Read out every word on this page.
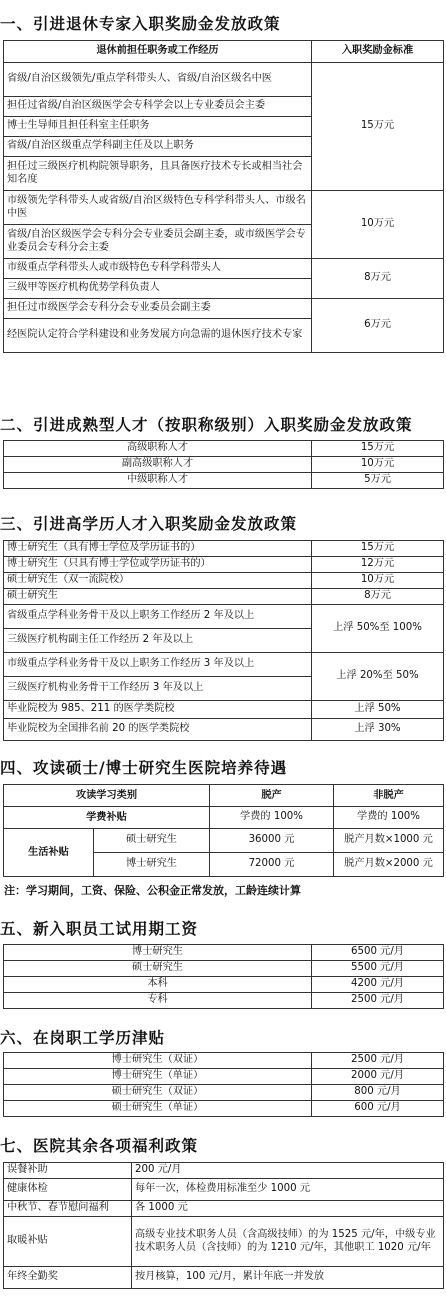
一、引进退休专家入职奖励金发放政策
退休前担任职务或工作经历	入职奖励金标准
省级/自治区级领先/重点学科带头人、省级/自治区级名中医	15万元
担任过省级/自治区级医学会专科学会以上专业委员会主委	
博士生导师且担任科室主任职务	
省级/自治区级重点学科副主任及以上职务	
担任过三级医疗机构院领导职务，且具备医疗技术专长或相当社会知名度	
市级领先学科带头人或省级/自治区级特色专科学科带头人、市级名中医	10万元
省级/自治区级医学会专科分会专业委员会副主委，或市级医学会专业委员会专科分会主委	
市级重点学科带头人或市级特色专科学科带头人	8万元
三级甲等医疗机构优势学科负责人	
担任过市级医学会专科分会专业委员会副主委	6万元
经医院认定符合学科建设和业务发展方向急需的退休医疗技术专家	
二、引进成熟型人才（按职称级别）入职奖励金发放政策
高级职称人才	15万元
副高级职称人才	10万元
中级职称人才	5万元
三、引进高学历人才入职奖励金发放政策
博士研究生（具有博士学位及学历证书的）	15万元
博士研究生（只具有博士学位或学历证书的）	12万元
硕士研究生（双一流院校）	10万元
硕士研究生	8万元
省级重点学科业务骨干及以上职务工作经历 2 年及以上	上浮 50%至 100%
三级医疗机构副主任工作经历 2 年及以上	
市级重点学科业务骨干及以上职务工作经历 3 年及以上	上浮 20%至 50%
三级医疗机构业务骨干工作经历 3 年及以上	
毕业院校为 985、211 的医学类院校	上浮 50%
毕业院校为全国排名前 20 的医学类院校	上浮 30%
四、攻读硕士/博士研究生医院培养待遇
攻读学习类别		脱产	非脱产
学费补贴		学费的 100%	学费的 100%
生活补贴	硕士研究生	36000 元	脱产月数×1000 元
	博士研究生	72000 元	脱产月数×2000 元
注：学习期间，工资、保险、公积金正常发放，工龄连续计算
五、新入职员工试用期工资
博士研究生	6500 元/月
硕士研究生	5500 元/月
本科	4200 元/月
专科	2500 元/月
六、在岗职工学历津贴
博士研究生（双证）	2500 元/月
博士研究生（单证）	2000 元/月
硕士研究生（双证）	800 元/月
硕士研究生（单证）	600 元/月
七、医院其余各项福利政策
误餐补助	200 元/月
健康体检	每年一次，体检费用标准至少 1000 元
中秋节、春节慰问福利	各 1000 元
取暖补贴	高级专业技术职务人员（含高级技师）的为 1525 元/年，中级专业技术职务人员（含技师）的为 1210 元/年，其他职工 1020 元/年
年终全勤奖	按月核算，100 元/月，累计年底一并发放
